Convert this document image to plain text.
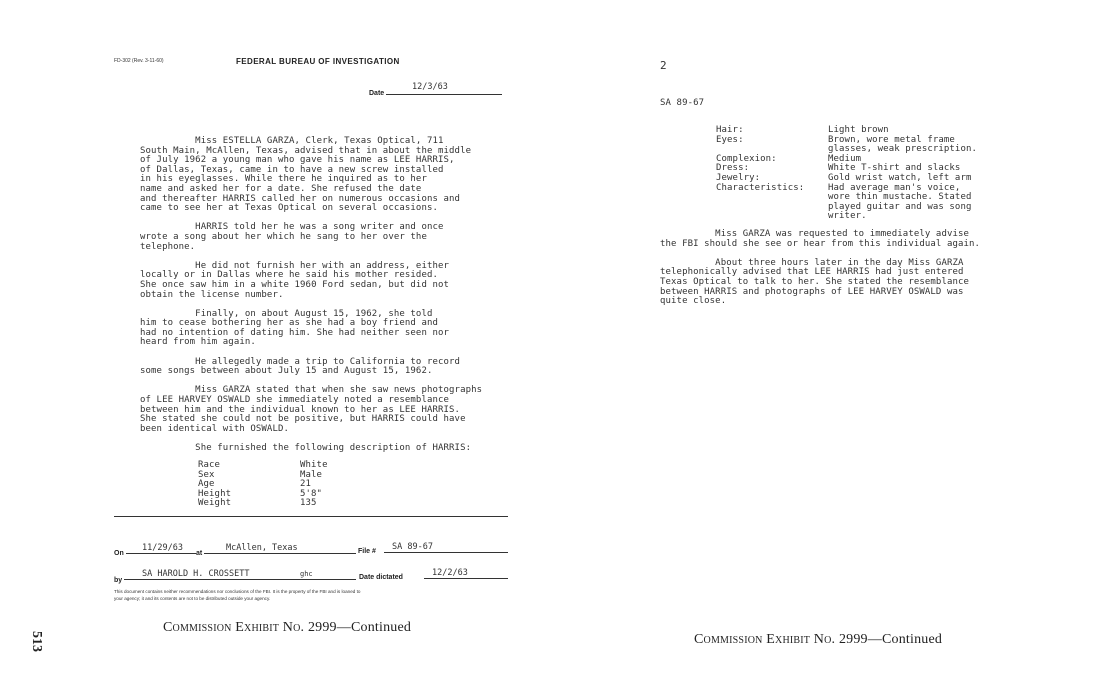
FD-302 (Rev. 3-11-60)	FEDERAL BUREAU OF INVESTIGATION
Date
12/3/63

Miss ESTELLA GARZA, Clerk, Texas Optical, 711

South Main, McAllen, Texas, advised that in about the middle

of July 1962 a young man who gave his name as LEE HARRIS,

of Dallas, Texas, came in to have a new screw installed

in his eyeglasses. While there he inquired as to her

name and asked her for a date. She refused the date

and thereafter HARRIS called her on numerous occasions and

came to see her at Texas Optical on several occasions.

HARRIS told her he was a song writer and once

wrote a song about her which he sang to her over the

telephone.

He did not furnish her with an address, either

locally or in Dallas where he said his mother resided.

She once saw him in a white 1960 Ford sedan, but did not

obtain the license number.

Finally, on about August 15, 1962, she told

him to cease bothering her as she had a boy friend and

had no intention of dating him. She had neither seen nor

heard from him again.

He allegedly made a trip to California to record

some songs between about July 15 and August 15, 1962.

Miss GARZA stated that when she saw news photographs

of LEE HARVEY OSWALD she immediately noted a resemblance

between him and the individual known to her as LEE HARRIS.

She stated she could not be positive, but HARRIS could have

been identical with OSWALD.

She furnished the following description of HARRIS:

Race	White
Sex	Male
Age	21
Height	5'8"
Weight	135
On
11/29/63
at
McAllen, Texas	File # SA 89-67
by
SA HAROLD H. CROSSETT	ghc	Date dictated	12/2/63
This document contains neither recommendations nor conclusions of the FBI. It is the property of the FBI and is loaned to
your agency; it and its contents are not to be distributed outside your agency.
Commission Exhibit No. 2999—Continued
513
2
SA 89-67
Hair:	Light brown
Eyes:	Brown, wore metal frame
glasses, weak prescription.
Complexion:	Medium
Dress:	White T-shirt and slacks
Jewelry:	Gold wrist watch, left arm
Characteristics:	Had average man's voice,
wore thin mustache. Stated
played guitar and was song
writer.

Miss GARZA was requested to immediately advise

the FBI should she see or hear from this individual again.

About three hours later in the day Miss GARZA

telephonically advised that LEE HARRIS had just entered

Texas Optical to talk to her. She stated the resemblance

between HARRIS and photographs of LEE HARVEY OSWALD was

quite close.

Commission Exhibit No. 2999—Continued
